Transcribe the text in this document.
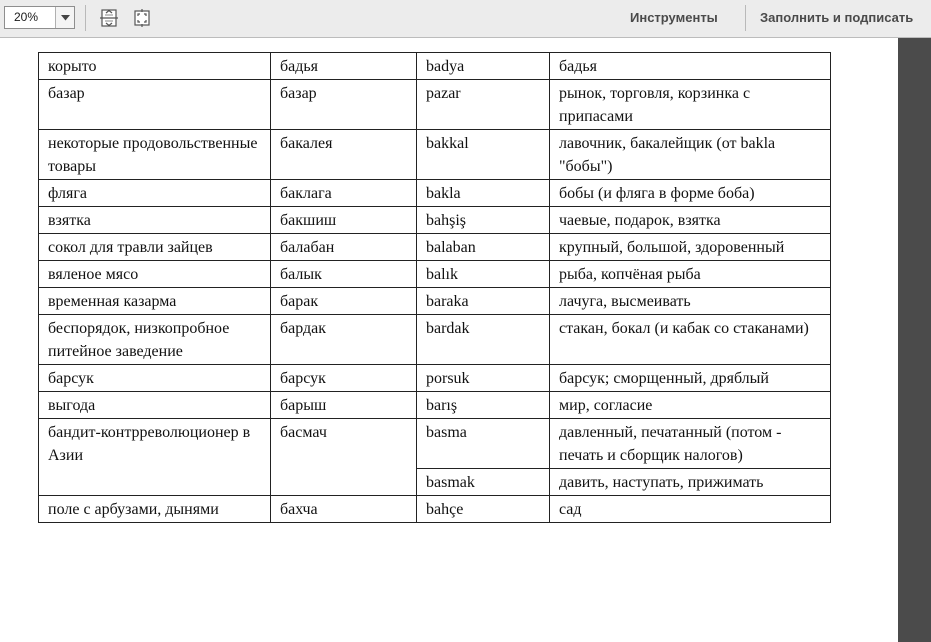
20%	Инструменты	Заполнить и подписать
корыто	бадья	badya	бадья
базар	базар	pazar	рынок, торговля, корзинка с припасами
некоторые продовольственные товары	бакалея	bakkal	лавочник, бакалейщик (от bakla "бобы")
фляга	баклага	bakla	бобы (и фляга в форме боба)
взятка	бакшиш	bahşiş	чаевые, подарок, взятка
сокол для травли зайцев	балабан	balaban	крупный, большой, здоровенный
вяленое мясо	балык	balık	рыба, копчёная рыба
временная казарма	барак	baraka	лачуга, высмеивать
беспорядок, низкопробное питейное заведение	бардак	bardak	стакан, бокал (и кабак со стаканами)
барсук	барсук	porsuk	барсук; сморщенный, дряблый
выгода	барыш	barış	мир, согласие
бандит-контрреволюционер в Азии	басмач	basma	давленный, печатанный (потом - печать и сборщик налогов)
		basmak	давить, наступать, прижимать
поле с арбузами, дынями	бахча	bahçe	сад
